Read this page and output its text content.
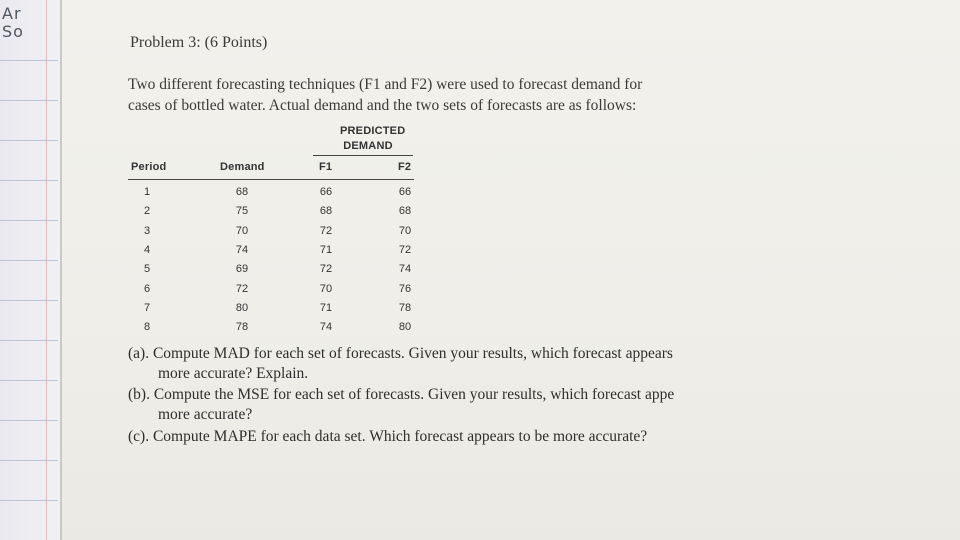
Ar
So
Problem 3: (6 Points)
Two different forecasting techniques (F1 and F2) were used to forecast demand for
cases of bottled water. Actual demand and the two sets of forecasts are as follows:
PREDICTED
DEMAND
Period	Demand	F1	F2
1	68	66	66
2	75	68	68
3	70	72	70
4	74	71	72
5	69	72	74
6	72	70	76
7	80	71	78
8	78	74	80
(a). Compute MAD for each set of forecasts. Given your results, which forecast appears
more accurate? Explain.
(b). Compute the MSE for each set of forecasts. Given your results, which forecast appe
more accurate?
(c). Compute MAPE for each data set. Which forecast appears to be more accurate?
